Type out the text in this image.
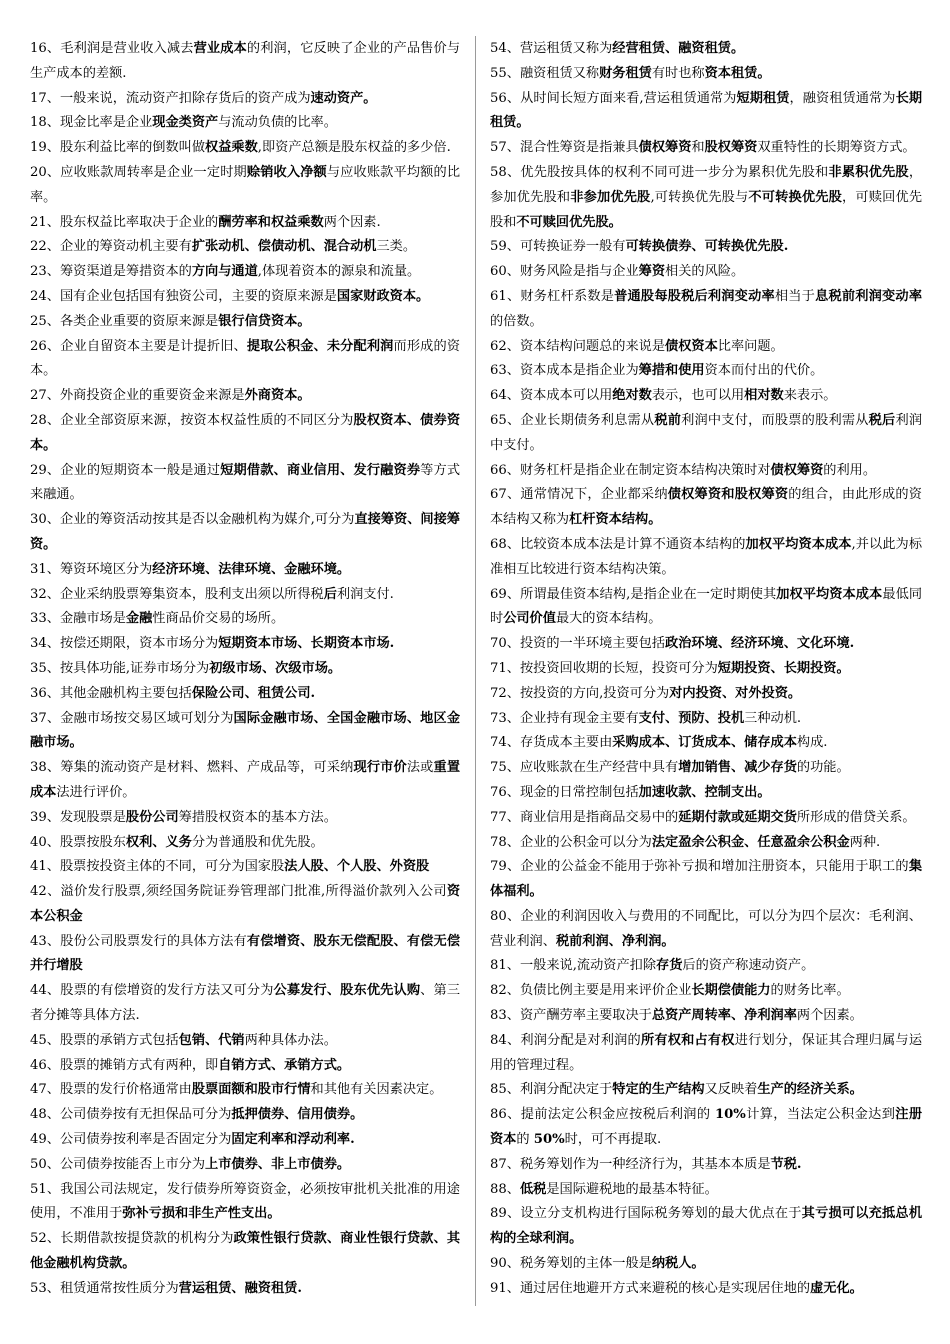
16、毛利润是营业收入减去营业成本的利润，它反映了企业的产品售价与生产成本的差额.

17、一般来说，流动资产扣除存货后的资产成为速动资产。

18、现金比率是企业现金类资产与流动负债的比率。

19、股东利益比率的倒数叫做权益乘数,即资产总额是股东权益的多少倍.

20、应收账款周转率是企业一定时期赊销收入净额与应收账款平均额的比率。

21、股东权益比率取决于企业的酬劳率和权益乘数两个因素.

22、企业的筹资动机主要有扩张动机、偿债动机、混合动机三类。

23、筹资渠道是筹措资本的方向与通道,体现着资本的源泉和流量。

24、国有企业包括国有独资公司，主要的资原来源是国家财政资本。

25、各类企业重要的资原来源是银行信贷资本。

26、企业自留资本主要是计提折旧、提取公积金、未分配利润而形成的资本。

27、外商投资企业的重要资金来源是外商资本。

28、企业全部资原来源，按资本权益性质的不同区分为股权资本、债券资本。

29、企业的短期资本一般是通过短期借款、商业信用、发行融资券等方式来融通。

30、企业的筹资活动按其是否以金融机构为媒介,可分为直接筹资、间接筹资。

31、筹资环境区分为经济环境、法律环境、金融环境。

32、企业采纳股票筹集资本，股利支出须以所得税后利润支付.

33、金融市场是金融性商品价交易的场所。

34、按偿还期限，资本市场分为短期资本市场、长期资本市场.

35、按具体功能,证券市场分为初级市场、次级市场。

36、其他金融机构主要包括保险公司、租赁公司.

37、金融市场按交易区域可划分为国际金融市场、全国金融市场、地区金融市场。

38、筹集的流动资产是材料、燃料、产成品等，可采纳现行市价法或重置成本法进行评价。

39、发现股票是股份公司筹措股权资本的基本方法。

40、股票按股东权利、义务分为普通股和优先股。

41、股票按投资主体的不同，可分为国家股法人股、个人股、外资股

42、溢价发行股票,须经国务院证券管理部门批准,所得溢价款列入公司资本公积金

43、股份公司股票发行的具体方法有有偿增资、股东无偿配股、有偿无偿并行增股

44、股票的有偿增资的发行方法又可分为公募发行、股东优先认购、第三者分摊等具体方法.

45、股票的承销方式包括包销、代销两种具体办法。

46、股票的摊销方式有两种，即自销方式、承销方式。

47、股票的发行价格通常由股票面额和股市行情和其他有关因素决定。

48、公司债券按有无担保品可分为抵押债券、信用债券。

49、公司债券按利率是否固定分为固定利率和浮动利率.

50、公司债券按能否上市分为上市债券、非上市债券。

51、我国公司法规定，发行债券所筹资资金，必须按审批机关批准的用途使用，不准用于弥补亏损和非生产性支出。

52、长期借款按提贷款的机构分为政策性银行贷款、商业性银行贷款、其他金融机构贷款。

53、租赁通常按性质分为营运租赁、融资租赁.

54、营运租赁又称为经营租赁、融资租赁。

55、融资租赁又称财务租赁有时也称资本租赁。

56、从时间长短方面来看,营运租赁通常为短期租赁，融资租赁通常为长期租赁。

57、混合性筹资是指兼具债权筹资和股权筹资双重特性的长期筹资方式。

58、优先股按具体的权利不同可进一步分为累积优先股和非累积优先股，参加优先股和非参加优先股,可转换优先股与不可转换优先股，可赎回优先股和不可赎回优先股。

59、可转换证券一般有可转换债券、可转换优先股.

60、财务风险是指与企业筹资相关的风险。

61、财务杠杆系数是普通股每股税后利润变动率相当于息税前利润变动率的倍数。

62、资本结构问题总的来说是债权资本比率问题。

63、资本成本是指企业为筹措和使用资本而付出的代价。

64、资本成本可以用绝对数表示，也可以用相对数来表示。

65、企业长期债务利息需从税前利润中支付，而股票的股利需从税后利润中支付。

66、财务杠杆是指企业在制定资本结构决策时对债权筹资的利用。

67、通常情况下，企业都采纳债权筹资和股权筹资的组合，由此形成的资本结构又称为杠杆资本结构。

68、比较资本成本法是计算不通资本结构的加权平均资本成本,并以此为标准相互比较进行资本结构决策。

69、所谓最佳资本结构,是指企业在一定时期使其加权平均资本成本最低同时公司价值最大的资本结构。

70、投资的一半环境主要包括政治环境、经济环境、文化环境.

71、按投资回收期的长短，投资可分为短期投资、长期投资。

72、按投资的方向,投资可分为对内投资、对外投资。

73、企业持有现金主要有支付、预防、投机三种动机.

74、存货成本主要由采购成本、订货成本、储存成本构成.

75、应收账款在生产经营中具有增加销售、减少存货的功能。

76、现金的日常控制包括加速收款、控制支出。

77、商业信用是指商品交易中的延期付款或延期交货所形成的借贷关系。

78、企业的公积金可以分为法定盈余公积金、任意盈余公积金两种.

79、企业的公益金不能用于弥补亏损和增加注册资本，只能用于职工的集体福利。

80、企业的利润因收入与费用的不同配比，可以分为四个层次：毛利润、营业利润、税前利润、净利润。

81、一般来说,流动资产扣除存货后的资产称速动资产。

82、负债比例主要是用来评价企业长期偿债能力的财务比率。

83、资产酬劳率主要取决于总资产周转率、净利润率两个因素。

84、利润分配是对利润的所有权和占有权进行划分，保证其合理归属与运用的管理过程。

85、利润分配决定于特定的生产结构又反映着生产的经济关系。

86、提前法定公积金应按税后利润的 10%计算，当法定公积金达到注册资本的 50%时，可不再提取.

87、税务筹划作为一种经济行为，其基本本质是节税.

88、低税是国际避税地的最基本特征。

89、设立分支机构进行国际税务筹划的最大优点在于其亏损可以充抵总机构的全球利润。

90、税务筹划的主体一般是纳税人。

91、通过居住地避开方式来避税的核心是实现居住地的虚无化。
